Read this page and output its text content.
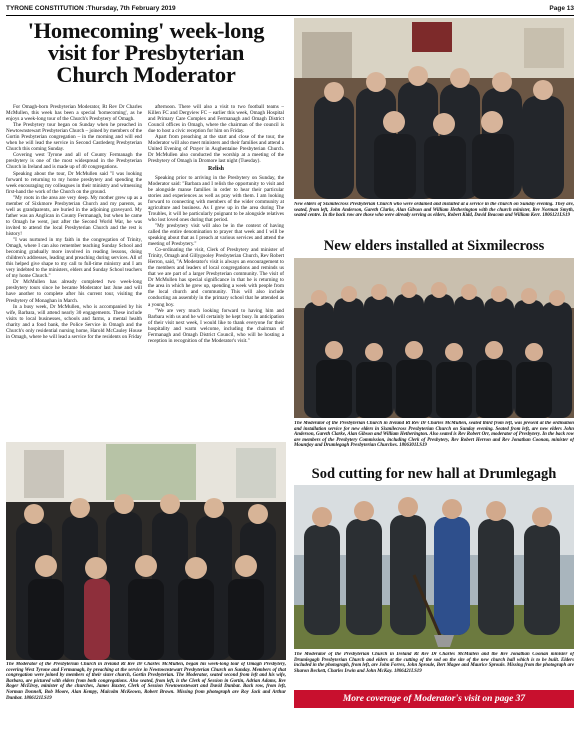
TYRONE CONSTITUTION :Thursday, 7th February 2019	Page 13
'Homecoming' week-long
visit for Presbyterian
Church Moderator

For Omagh-born Presbyterian Moderator, Rt Rev Dr Charles McMullen, this week has been a special 'homecoming', as he enjoys a week-long tour of the Church's Presbytery of Omagh.

The Presbytery tour began on Sunday when he preached in Newtownstewart Presbyterian Church – joined by members of the Gortin Presbyterian congregation – in the morning and will end when he will lead the service in Second Castlederg Presbyterian Church this coming Sunday.

Covering west Tyrone and all of County Fermanagh the presbytery is one of the most widespread in the Presbyterian Church in Ireland and is made up of 40 congregations.

Speaking about the tour, Dr McMullen said "I was looking forward to returning to my home presbytery and spending the week encouraging my colleagues in their ministry and witnessing first-hand the work of the Church on the ground.

"My roots in the area are very deep. My mother grew up as a member of Sixkmore Presbyterian Church and my parents, as well as grandparents, are buried in the adjoining graveyard. My father was an Anglican in County Fermanagh, but when he came to Omagh he went, just after the Second World War, he was invited to attend the local Presbyterian Church and the rest is history!

"I was nurtured in my faith in the congregation of Trinity, Omagh, where I can also remember teaching Sunday School and becoming gradually more involved in reading lessons, doing children's addresses, leading and preaching during services. All of this helped give shape to my call to full-time ministry and I am very indebted to the ministers, elders and Sunday School teachers of my home Church."

Dr McMullen has already completed two week-long presbytery tours since he became Moderator last June and will have another to complete after his current tour, visiting the Presbytery of Monaghan in March.

In a busy week, Dr McMullen, who is accompanied by his wife, Barbara, will attend nearly 30 engagements. These include visits to local businesses, schools and farms, a mental health charity and a food bank, the Police Service in Omagh and the Church's only residential nursing home, Harold McCauley House in Omagh, where he will lead a service for the residents on Friday

afternoon. There will also a visit to two football teams – Killen FC and Dergview FC – earlier this week, Omagh Hospital and Primary Care Complex and Fermanagh and Omagh District Council offices in Omagh, where the chairman of the council is due to host a civic reception for him on Friday.

Apart from preaching at the start and close of the tour, the Moderator will also meet ministers and their families and attend a United Evening of Prayer in Aughentaine Presbyterian Church. Dr McMullen also conducted the worship at a meeting of the Presbytery of Omagh in Dromore last night (Tuesday).

Relish

Speaking prior to arriving in the Presbytery on Sunday, the Moderator said: "Barbara and I relish the opportunity to visit and be alongside manse families in order to hear their particular stories and experiences as well as pray with them. I am looking forward to connecting with members of the wider community at agriculture and business. As I grew up in the area during The Troubles, it will be particularly poignant to be alongside relatives who lost loved ones during that period.

"My presbytery visit will also be in the context of having called the entire denomination to prayer that week and I will be speaking about that as I preach at various services and attend the meeting of Presbytery."

Co-ordinating the visit, Clerk of Presbytery and minister of Trinity, Omagh and Gillygooley Presbyterian Church, Rev Robert Herron, said, "A Moderator's visit is always an encouragement to the members and leaders of local congregations and reminds us that we are part of a larger Presbyterian community. The visit of Dr McMullen has special significance in that he is returning to the area in which he grew up, spending a week with people from the local church and community. This will also include conducting an assembly in the primary school that he attended as a young boy.

"We are very much looking forward to having him and Barbara with us and he will certainly be kept busy. In anticipation of their visit next week, I would like to thank everyone for their hospitality and warm welcome, including the chairman of Fermanagh and Omagh District Council, who will be hosting a reception in recognition of the Moderator's visit."

New elders of Sixmilecross Presbyterian Church who were ordained and installed at a service in the church on Sunday evening. They are, seated, from left, John Anderson, Gareth Clarke, Alan Gibson and William Hetherington with the church minister, Rev Norman Smyth, seated centre. In the back row are those who were already serving as elders, Robert Kidd, David Beacom and William Kerr. 1806121LS19

New elders installed at Sixmilecross

The Moderator of the Presbyterian Church in Ireland Rt Rev Dr Charles McMullen, seated third from left, was present at the ordination and installation service for new elders in Sixmilecross Presbyterian Church on Sunday evening. Seated from left, are new elders John Anderson, Gareth Clarke, Alan Gibson and William Hetherington. Also seated is Rev Robert Orr, moderator of Presbytery. In the back row are members of the Presbytery Commission, including Clerk of Presbytery, Rev Robert Herron and Rev Jonathan Coonan, minister of Mountjoy and Drumlegagh Presbyterian Churches. 1806301LS19

The Moderator of the Presbyterian Church in Ireland Rt Rev Dr Charles McMullen, began his week-long tour of Omagh Presbytery, covering West Tyrone and Fermanagh, by preaching at the service in Newtownstewart Presbyterian Church on Sunday. Members of that congregation were joined by members of their sister church, Gortin Presbyterian. The Moderator, seated second from left and his wife, Barbara, are pictured with elders from both congregations. Also seated, from left, is the Clerk of Session in Gortin, Adrian Adams, Rev Roger McElroy, minister of the churches, James Baxter, Clerk of Session Newtownstewart and David Dunbar. Back row, from left, Norman Donnell, Bob Moore, Alan Kempy, Malcolm McKeown, Robert Brown. Missing from photograph are Roy Jack and Arthur Dunbar. 1806121LS19

Sod cutting for new hall at Drumlegagh

The Moderator of the Presbyterian Church in Ireland Rt Rev Dr Charles McMullen and the Rev Jonathan Coonan minister of Drumlegagh Presbyterian Church and elders at the cutting of the sod on the site of the new church hall which is to be built. Elders included in the photograph, from left, are John Forres, John Sproule, Bert Magee and Maurice Sproule. Missing from the photograph are Sharon Beckett, Charles Irwin and John McKay. 1806421LS19

More coverage of Moderator's visit on page 37
